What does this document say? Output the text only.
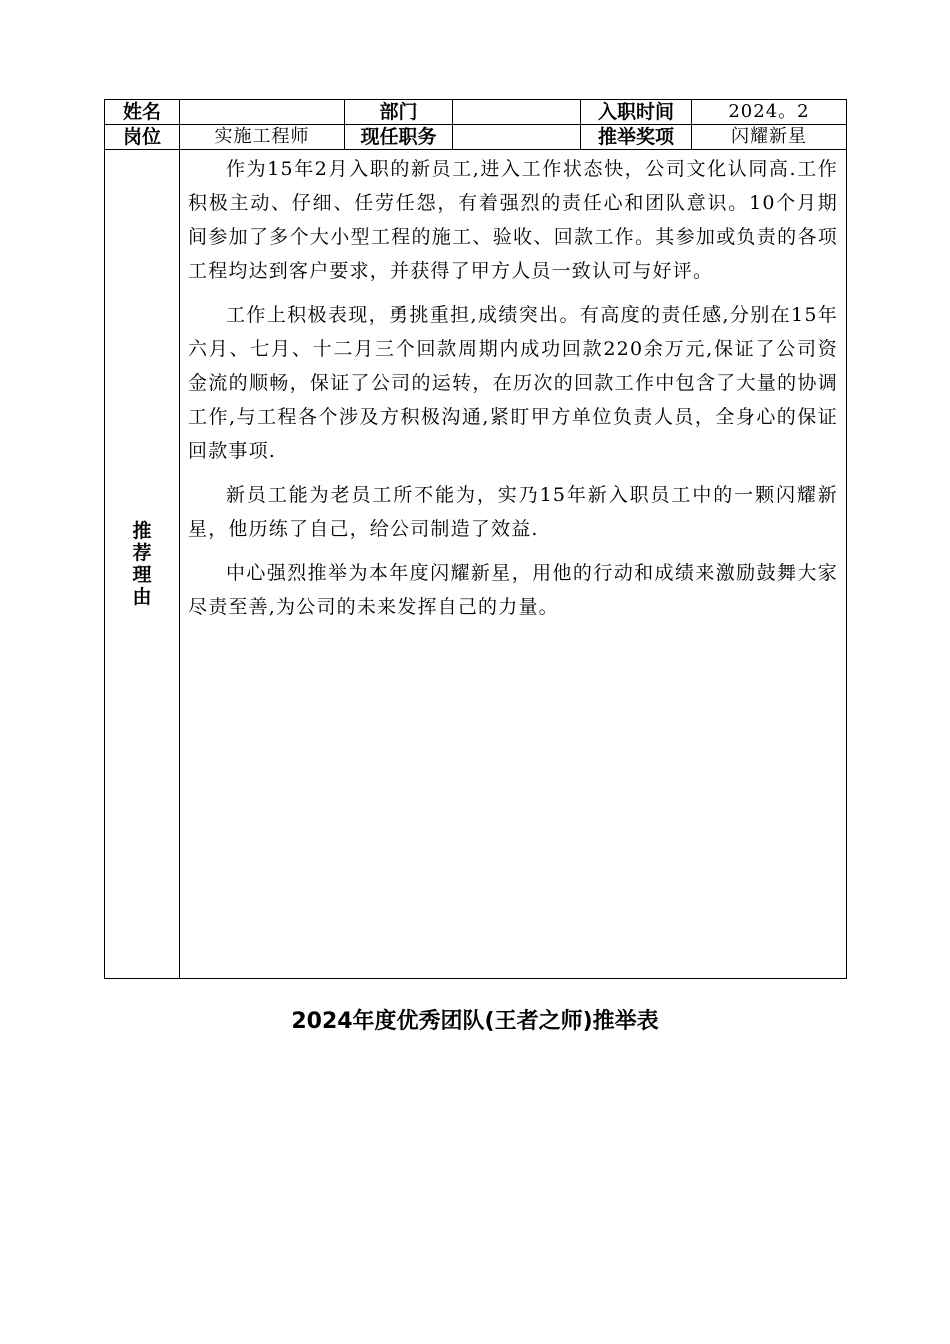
姓名		部门		入职时间	2024。2
岗位	实施工程师	现任职务		推举奖项	闪耀新星
推荐理由	作为15年2月入职的新员工,进入工作状态快，公司文化认同高.工作积极主动、仔细、任劳任怨，有着强烈的责任心和团队意识。10个月期间参加了多个大小型工程的施工、验收、回款工作。其参加或负责的各项工程均达到客户要求，并获得了甲方人员一致认可与好评。

工作上积极表现，勇挑重担,成绩突出。有高度的责任感,分别在15年六月、七月、十二月三个回款周期内成功回款220余万元,保证了公司资金流的顺畅，保证了公司的运转，在历次的回款工作中包含了大量的协调工作,与工程各个涉及方积极沟通,紧盯甲方单位负责人员，全身心的保证回款事项.

新员工能为老员工所不能为，实乃15年新入职员工中的一颗闪耀新星，他历练了自己，给公司制造了效益.

中心强烈推举为本年度闪耀新星，用他的行动和成绩来激励鼓舞大家尽责至善,为公司的未来发挥自己的力量。				

2024年度优秀团队(王者之师)推举表
